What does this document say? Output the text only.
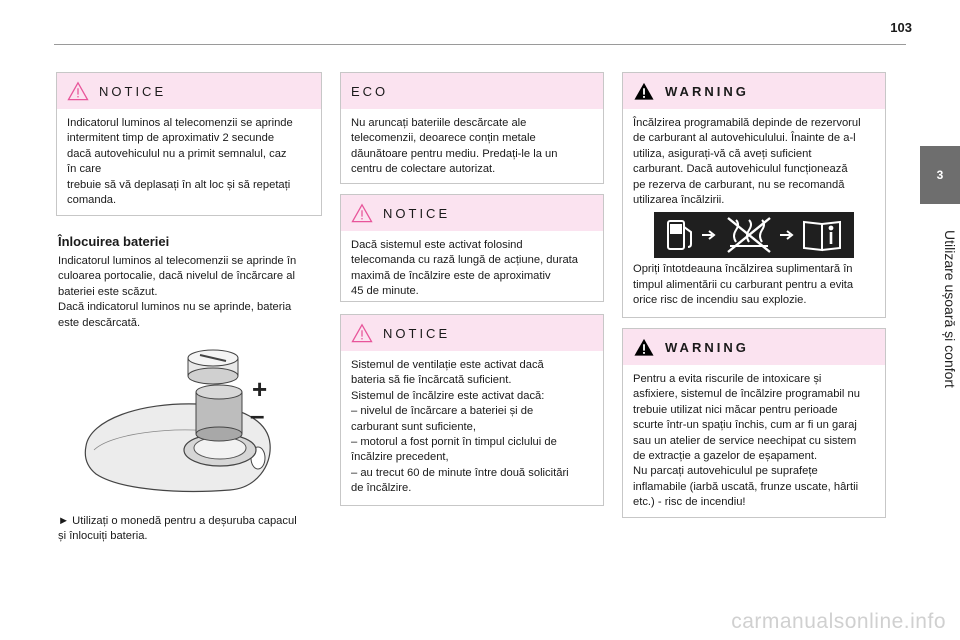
103
3
Utilizare ușoară și confort
NOTICE

Indicatorul luminos al telecomenzii se aprinde

intermitent timp de aproximativ 2 secunde

dacă autovehiculul nu a primit semnalul, caz

în care

trebuie să vă deplasați în alt loc și să repetați

comanda.

Înlocuirea bateriei

Indicatorul luminos al telecomenzii se aprinde în

culoarea portocalie, dacă nivelul de încărcare al

bateriei este scăzut.

Dacă indicatorul luminos nu se aprinde, bateria

este descărcată.

+
–

► Utilizați o monedă pentru a deșuruba capacul

și înlocuiți bateria.

ECO

Nu aruncați bateriile descărcate ale

telecomenzii, deoarece conțin metale

dăunătoare pentru mediu. Predați-le la un

centru de colectare autorizat.

NOTICE

Dacă sistemul este activat folosind

telecomanda cu rază lungă de acțiune, durata

maximă de încălzire este de aproximativ

45 de minute.

NOTICE

Sistemul de ventilație este activat dacă

bateria să fie încărcată suficient.

Sistemul de încălzire este activat dacă:

– nivelul de încărcare a bateriei și de

carburant sunt suficiente,

– motorul a fost pornit în timpul ciclului de

încălzire precedent,

– au trecut 60 de minute între două solicitări

de încălzire.

WARNING

Încălzirea programabilă depinde de rezervorul

de carburant al autovehiculului. Înainte de a-l

utiliza, asigurați-vă că aveți suficient

carburant. Dacă autovehiculul funcționează

pe rezerva de carburant, nu se recomandă

utilizarea încălzirii.

Opriți întotdeauna încălzirea suplimentară în

timpul alimentării cu carburant pentru a evita

orice risc de incendiu sau explozie.

WARNING

Pentru a evita riscurile de intoxicare și

asfixiere, sistemul de încălzire programabil nu

trebuie utilizat nici măcar pentru perioade

scurte într-un spațiu închis, cum ar fi un garaj

sau un atelier de service neechipat cu sistem

de extracție a gazelor de eșapament.

Nu parcați autovehiculul pe suprafețe

inflamabile (iarbă uscată, frunze uscate, hârtii

etc.) - risc de incendiu!

carmanualsonline.info
